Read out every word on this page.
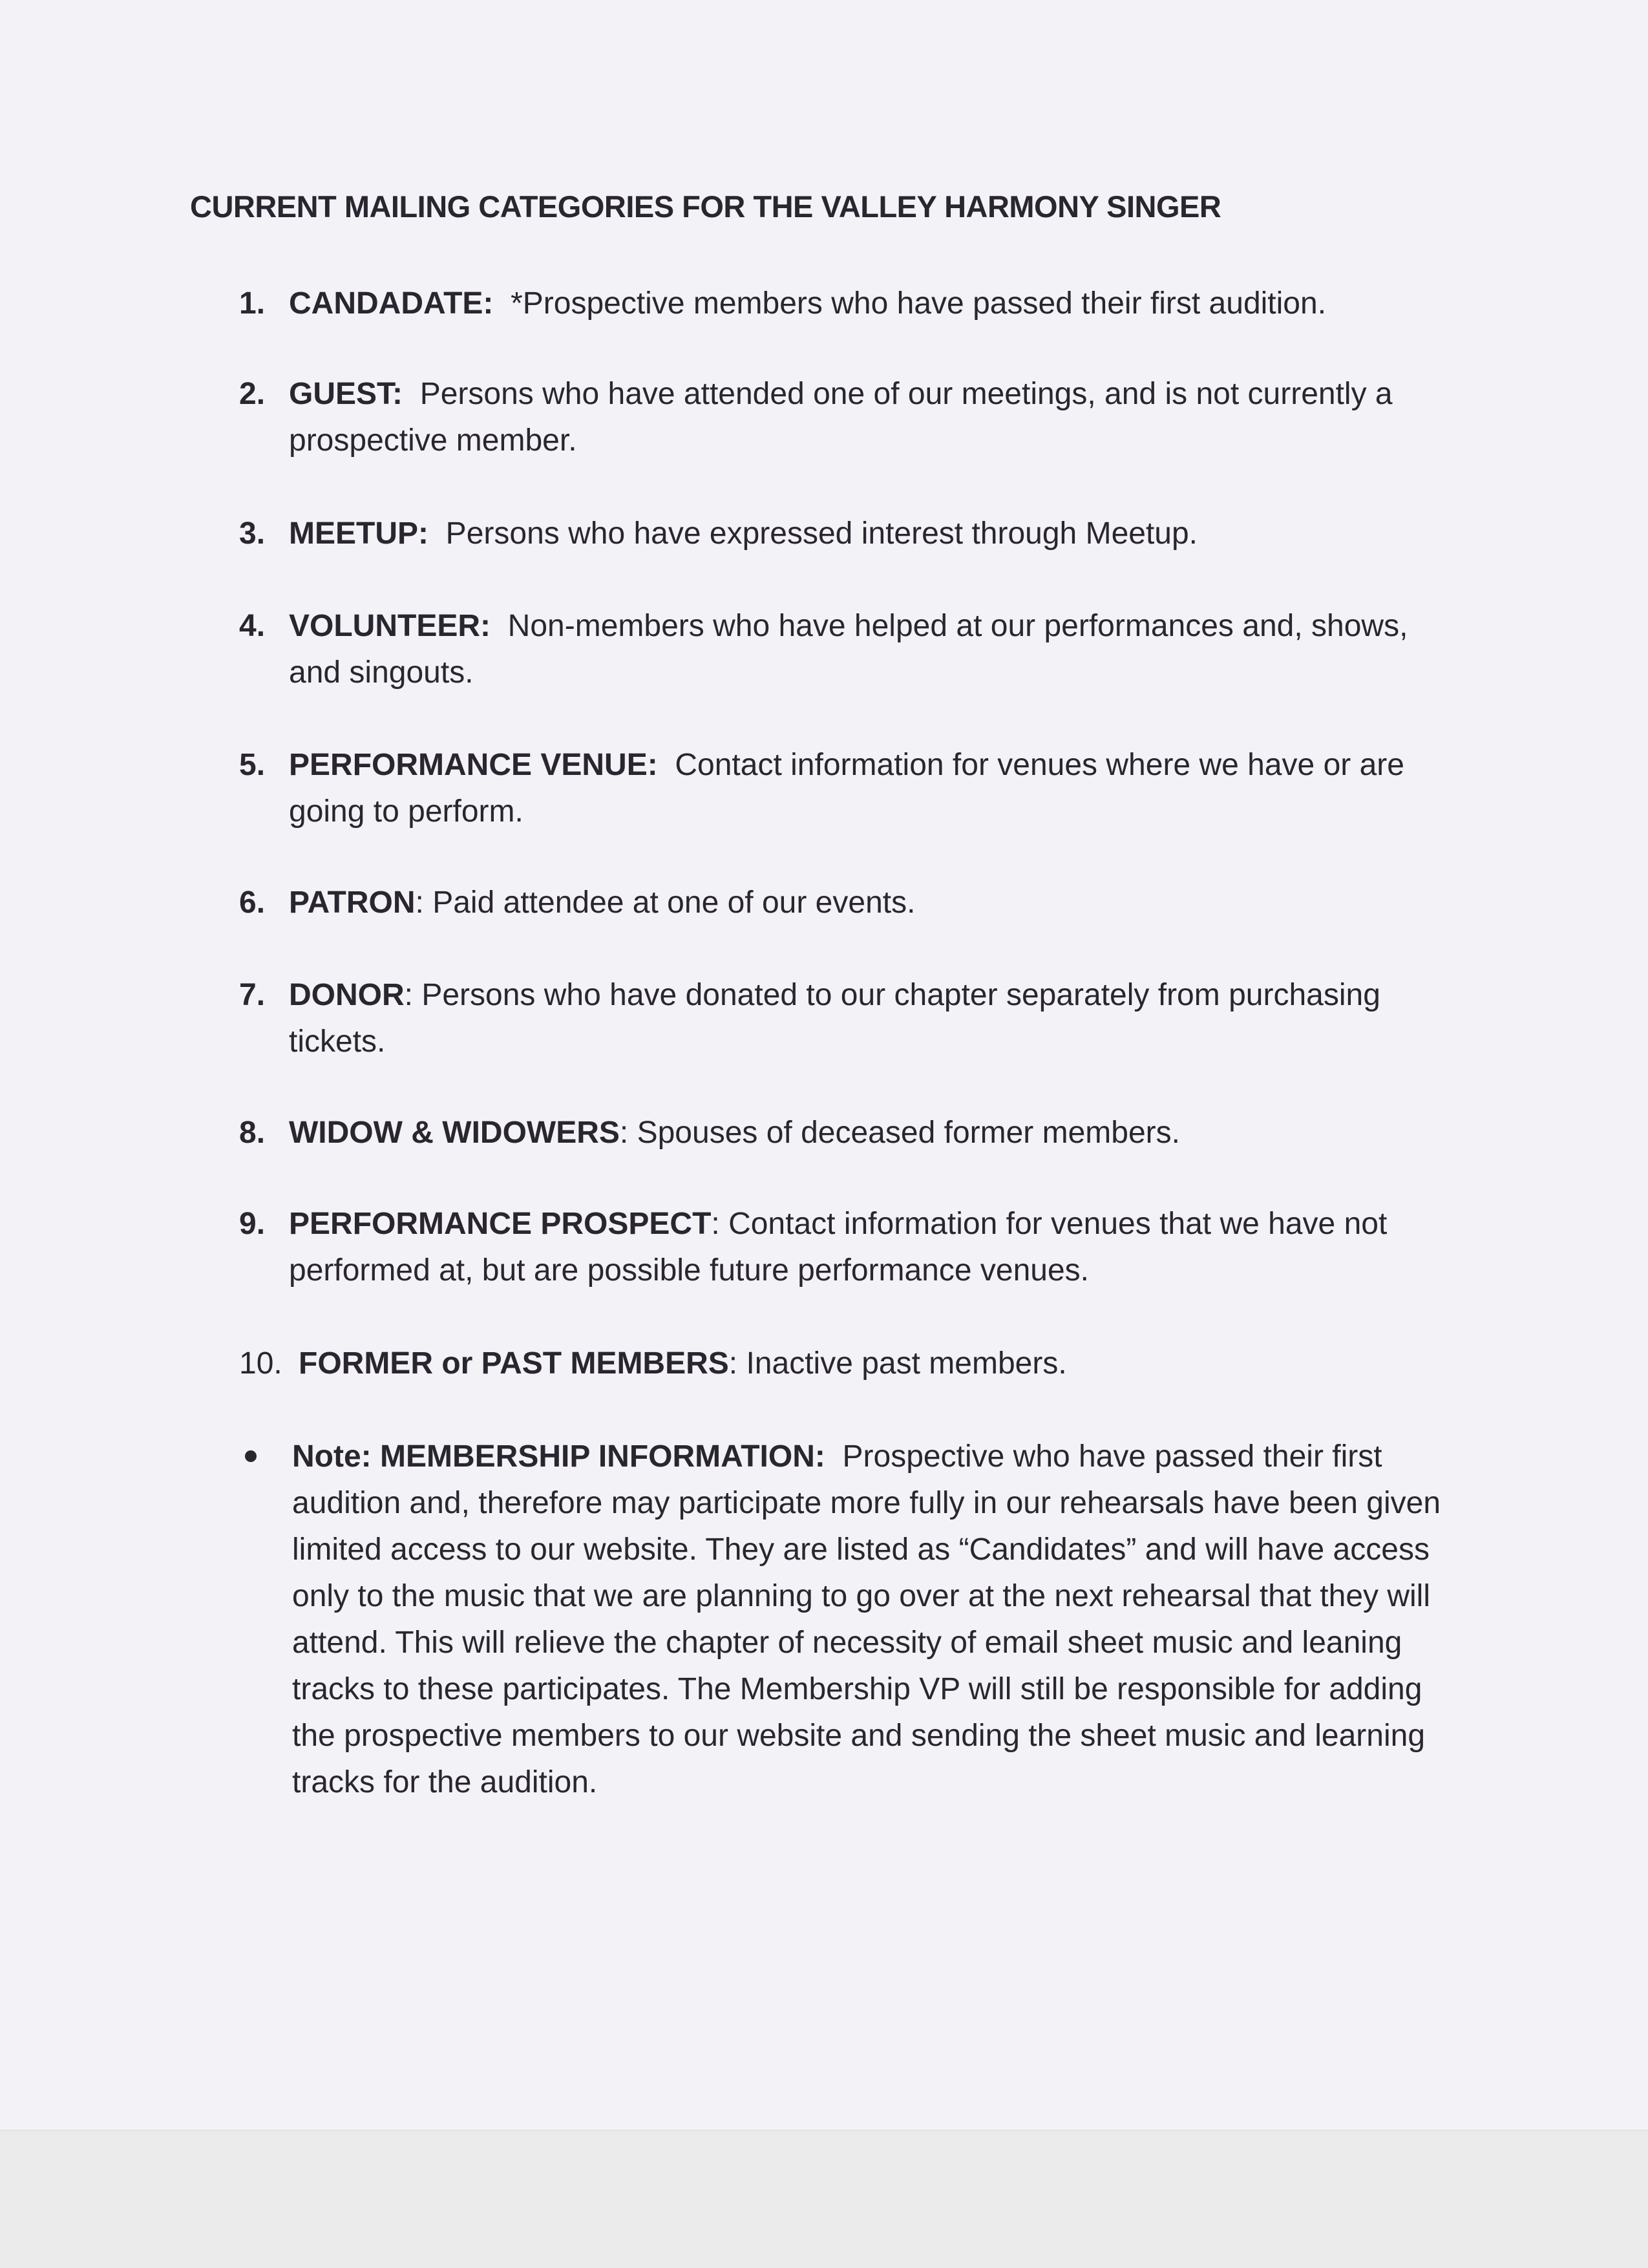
CURRENT MAILING CATEGORIES FOR THE VALLEY HARMONY SINGER
1. CANDADATE: *Prospective members who have passed their first audition.
2. GUEST: Persons who have attended one of our meetings, and is not currently a prospective member.
3. MEETUP: Persons who have expressed interest through Meetup.
4. VOLUNTEER: Non-members who have helped at our performances and, shows, and singouts.
5. PERFORMANCE VENUE: Contact information for venues where we have or are going to perform.
6. PATRON: Paid attendee at one of our events.
7. DONOR: Persons who have donated to our chapter separately from purchasing tickets.
8. WIDOW & WIDOWERS: Spouses of deceased former members.
9. PERFORMANCE PROSPECT: Contact information for venues that we have not performed at, but are possible future performance venues.
10. FORMER or PAST MEMBERS: Inactive past members.
Note: MEMBERSHIP INFORMATION: Prospective who have passed their first audition and, therefore may participate more fully in our rehearsals have been given limited access to our website. They are listed as “Candidates” and will have access only to the music that we are planning to go over at the next rehearsal that they will attend. This will relieve the chapter of necessity of email sheet music and leaning tracks to these participates. The Membership VP will still be responsible for adding the prospective members to our website and sending the sheet music and learning tracks for the audition.
